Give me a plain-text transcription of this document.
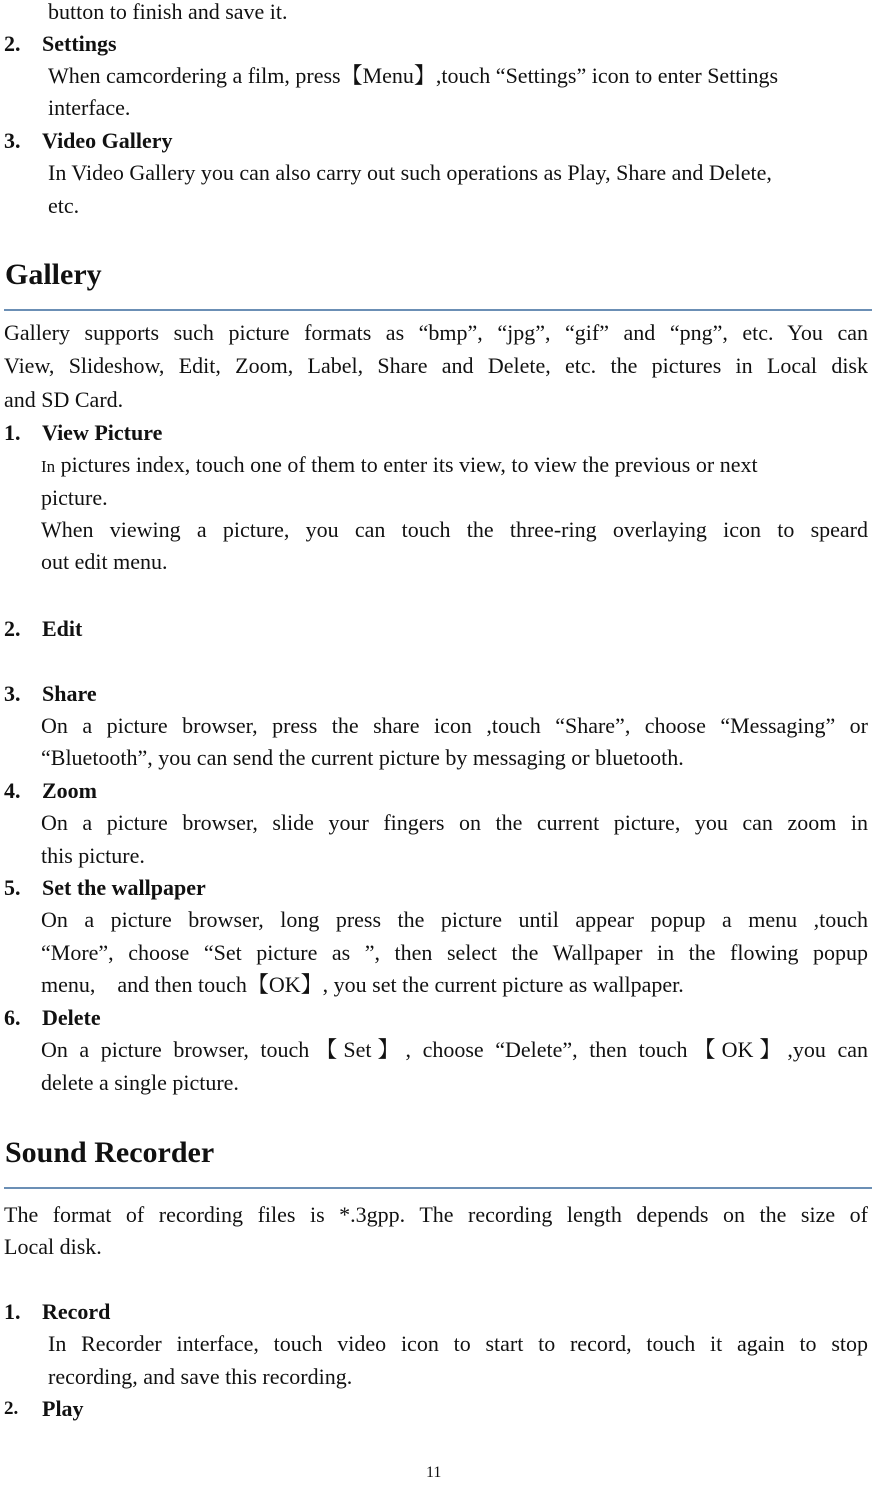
button to finish and save it.
2. Settings
When camcordering a film, press【Menu】,touch “Settings” icon to enter Settings
interface.
3. Video Gallery
In Video Gallery you can also carry out such operations as Play, Share and Delete,
etc.
Gallery
Gallery supports such picture formats as “bmp”, “jpg”, “gif” and “png”, etc. You can
View, Slideshow, Edit, Zoom, Label, Share and Delete, etc. the pictures in Local disk
and SD Card.
1. View Picture
In pictures index, touch one of them to enter its view, to view the previous or next
picture.
When viewing a picture, you can touch the three-ring overlaying icon to speard
out edit menu.
2. Edit
3. Share
On a picture browser, press the share icon ,touch “Share”, choose “Messaging” or
“Bluetooth”, you can send the current picture by messaging or bluetooth.
4. Zoom
On a picture browser, slide your fingers on the current picture, you can zoom in
this picture.
5. Set the wallpaper
On a picture browser, long press the picture until appear popup a menu ,touch
“More”, choose “Set picture as ”, then select the Wallpaper in the flowing popup
menu,    and then touch【OK】, you set the current picture as wallpaper.
6. Delete
On a picture browser, touch【Set】, choose “Delete”, then touch【OK】,you can
delete a single picture.
Sound Recorder
The format of recording files is *.3gpp. The recording length depends on the size of
Local disk.
1. Record
In Recorder interface, touch video icon to start to record, touch it again to stop
recording, and save this recording.
2. Play
11
